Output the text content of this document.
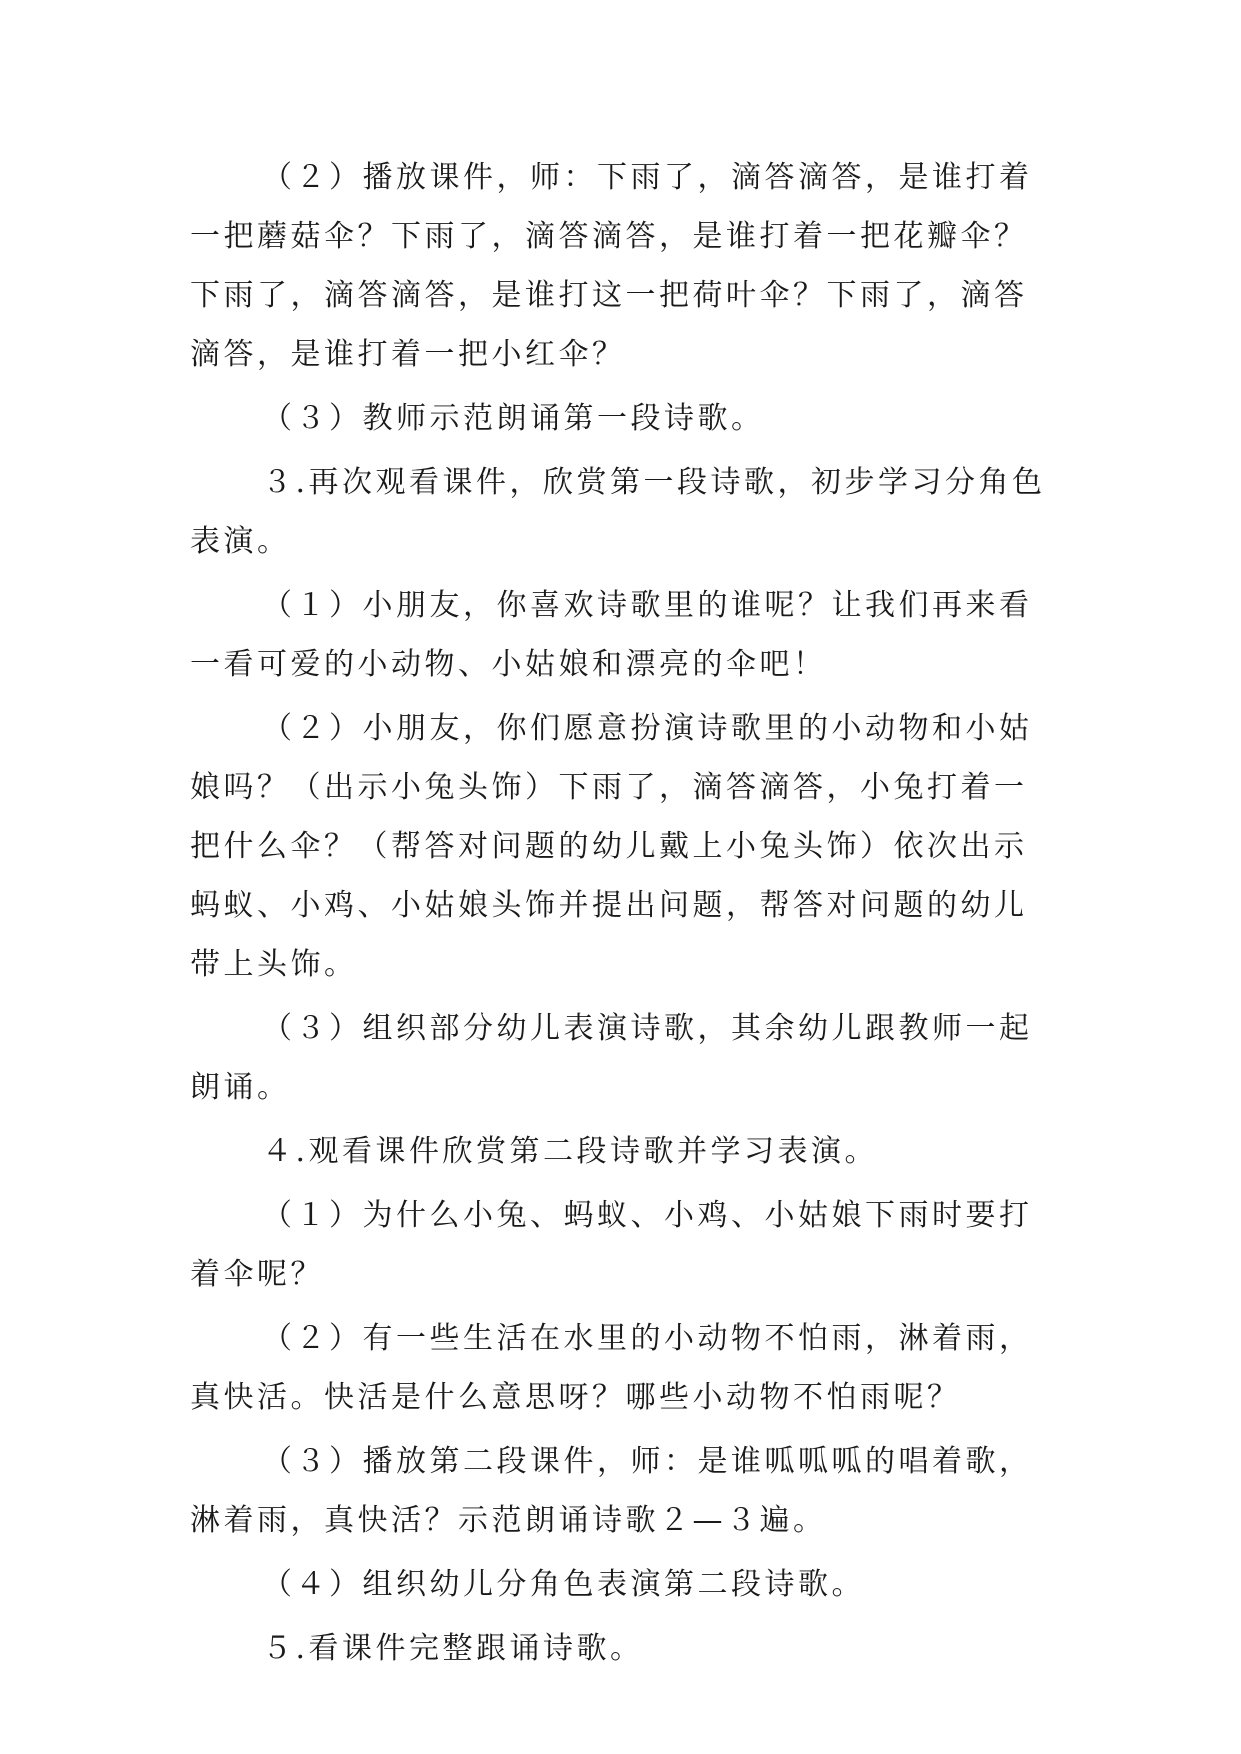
（２）播放课件，师：下雨了，滴答滴答，是谁打着一把蘑菇伞？下雨了，滴答滴答，是谁打着一把花瓣伞？下雨了，滴答滴答，是谁打这一把荷叶伞？下雨了，滴答滴答，是谁打着一把小红伞？

（３）教师示范朗诵第一段诗歌。

３.再次观看课件，欣赏第一段诗歌，初步学习分角色表演。

（１）小朋友，你喜欢诗歌里的谁呢？让我们再来看一看可爱的小动物、小姑娘和漂亮的伞吧！

（２）小朋友，你们愿意扮演诗歌里的小动物和小姑娘吗？（出示小兔头饰）下雨了，滴答滴答，小兔打着一把什么伞？（帮答对问题的幼儿戴上小兔头饰）依次出示蚂蚁、小鸡、小姑娘头饰并提出问题，帮答对问题的幼儿带上头饰。

（３）组织部分幼儿表演诗歌，其余幼儿跟教师一起朗诵。

４.观看课件欣赏第二段诗歌并学习表演。

（１）为什么小兔、蚂蚁、小鸡、小姑娘下雨时要打着伞呢？

（２）有一些生活在水里的小动物不怕雨，淋着雨，真快活。快活是什么意思呀？哪些小动物不怕雨呢？

（３）播放第二段课件，师：是谁呱呱呱的唱着歌，淋着雨，真快活？示范朗诵诗歌２—３遍。

（４）组织幼儿分角色表演第二段诗歌。

５.看课件完整跟诵诗歌。
